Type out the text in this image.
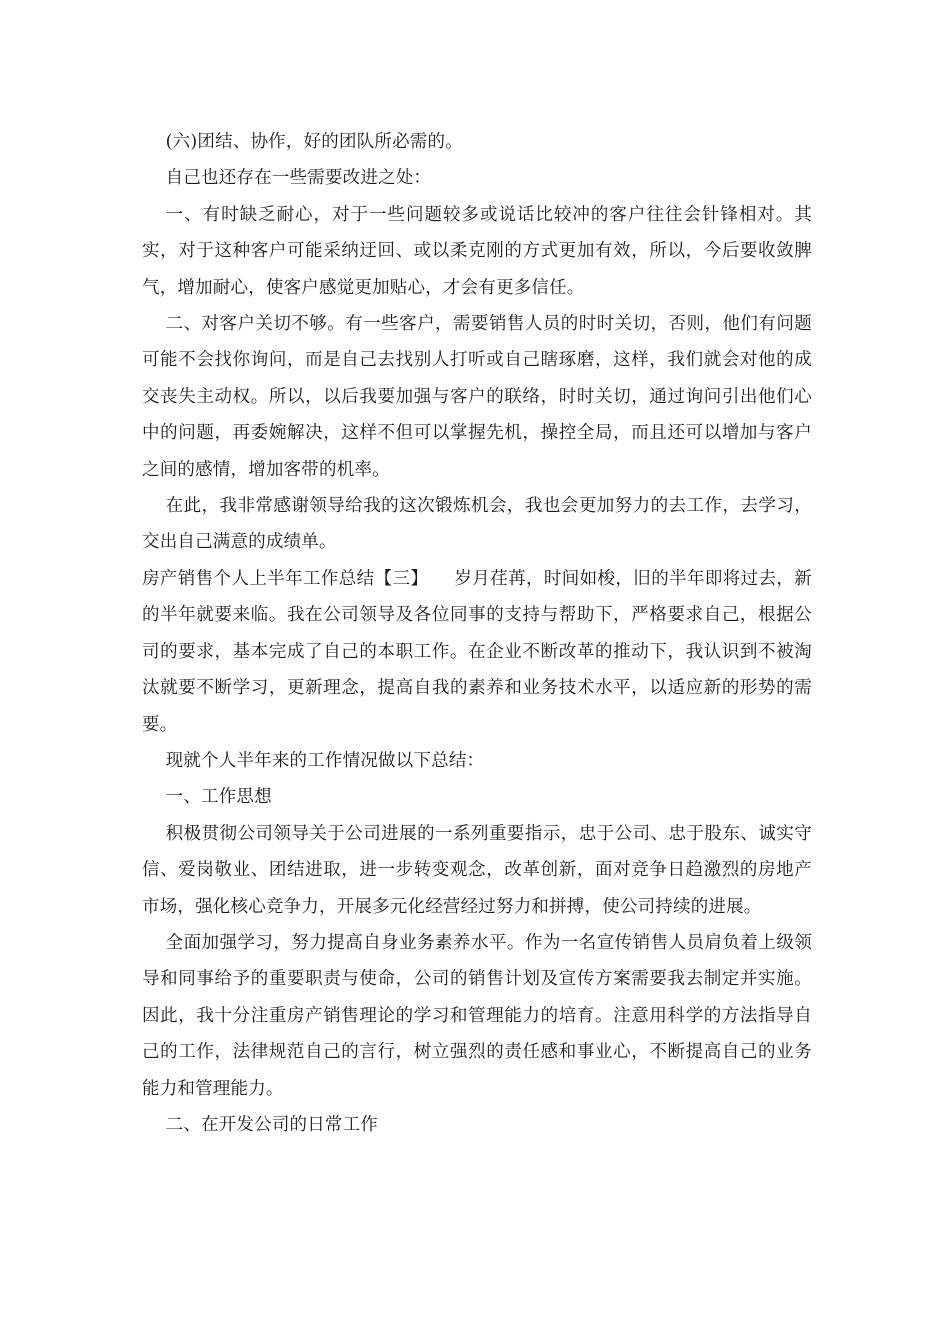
(六)团结、协作，好的团队所必需的。

自己也还存在一些需要改进之处：

一、有时缺乏耐心，对于一些问题较多或说话比较冲的客户往往会针锋相对。其实，对于这种客户可能采纳迂回、或以柔克刚的方式更加有效，所以，今后要收敛脾气，增加耐心，使客户感觉更加贴心，才会有更多信任。

二、对客户关切不够。有一些客户，需要销售人员的时时关切，否则，他们有问题可能不会找你询问，而是自己去找别人打听或自己瞎琢磨，这样，我们就会对他的成交丧失主动权。所以，以后我要加强与客户的联络，时时关切，通过询问引出他们心中的问题，再委婉解决，这样不但可以掌握先机，操控全局，而且还可以增加与客户之间的感情，增加客带的机率。

在此，我非常感谢领导给我的这次锻炼机会，我也会更加努力的去工作，去学习，交出自己满意的成绩单。

房产销售个人上半年工作总结【三】 岁月荏苒，时间如梭，旧的半年即将过去，新的半年就要来临。我在公司领导及各位同事的支持与帮助下，严格要求自己，根据公司的要求，基本完成了自己的本职工作。在企业不断改革的推动下，我认识到不被淘汰就要不断学习，更新理念，提高自我的素养和业务技术水平，以适应新的形势的需要。

现就个人半年来的工作情况做以下总结：

一、工作思想

积极贯彻公司领导关于公司进展的一系列重要指示，忠于公司、忠于股东、诚实守信、爱岗敬业、团结进取，进一步转变观念，改革创新，面对竞争日趋激烈的房地产市场，强化核心竞争力，开展多元化经营经过努力和拼搏，使公司持续的进展。

全面加强学习，努力提高自身业务素养水平。作为一名宣传销售人员肩负着上级领导和同事给予的重要职责与使命，公司的销售计划及宣传方案需要我去制定并实施。因此，我十分注重房产销售理论的学习和管理能力的培育。注意用科学的方法指导自己的工作，法律规范自己的言行，树立强烈的责任感和事业心，不断提高自己的业务能力和管理能力。

二、在开发公司的日常工作
